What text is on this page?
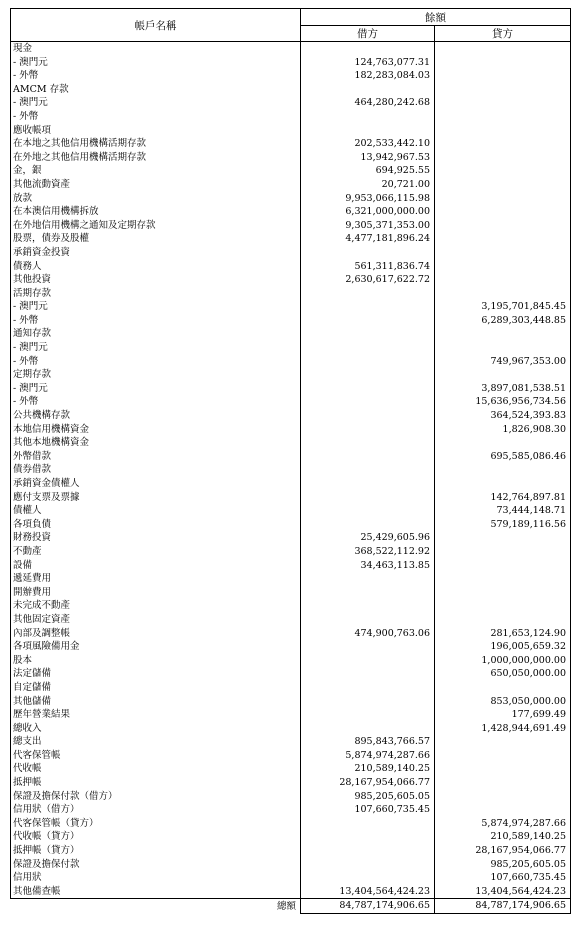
帳戶名稱	餘額	
	借方	貸方
現金		
- 澳門元	124,763,077.31	
- 外幣	182,283,084.03	
AMCM 存款		
- 澳門元	464,280,242.68	
- 外幣		
應收帳項		
在本地之其他信用機構活期存款	202,533,442.10	
在外地之其他信用機構活期存款	13,942,967.53	
金，銀	694,925.55	
其他流動資產	20,721.00	
放款	9,953,066,115.98	
在本澳信用機構拆放	6,321,000,000.00	
在外地信用機構之通知及定期存款	9,305,371,353.00	
股票，債券及股權	4,477,181,896.24	
承銷資金投資		
債務人	561,311,836.74	
其他投資	2,630,617,622.72	
活期存款		
- 澳門元		3,195,701,845.45
- 外幣		6,289,303,448.85
通知存款		
- 澳門元		
- 外幣		749,967,353.00
定期存款		
- 澳門元		3,897,081,538.51
- 外幣		15,636,956,734.56
公共機構存款		364,524,393.83
本地信用機構資金		1,826,908.30
其他本地機構資金		
外幣借款		695,585,086.46
債券借款		
承銷資金債權人		
應付支票及票據		142,764,897.81
債權人		73,444,148.71
各項負債		579,189,116.56
財務投資	25,429,605.96	
不動產	368,522,112.92	
設備	34,463,113.85	
遞延費用		
開辦費用		
未完成不動產		
其他固定資產		
內部及調整帳	474,900,763.06	281,653,124.90
各項風險備用金		196,005,659.32
股本		1,000,000,000.00
法定儲備		650,050,000.00
自定儲備		
其他儲備		853,050,000.00
歷年營業結果		177,699.49
總收入		1,428,944,691.49
總支出	895,843,766.57	
代客保管帳	5,874,974,287.66	
代收帳	210,589,140.25	
抵押帳	28,167,954,066.77	
保證及擔保付款（借方）	985,205,605.05	
信用狀（借方）	107,660,735.45	
代客保管帳（貸方）		5,874,974,287.66
代收帳（貸方）		210,589,140.25
抵押帳（貸方）		28,167,954,066.77
保證及擔保付款		985,205,605.05
信用狀		107,660,735.45
其他備查帳	13,404,564,424.23	13,404,564,424.23
總額	84,787,174,906.65	84,787,174,906.65
